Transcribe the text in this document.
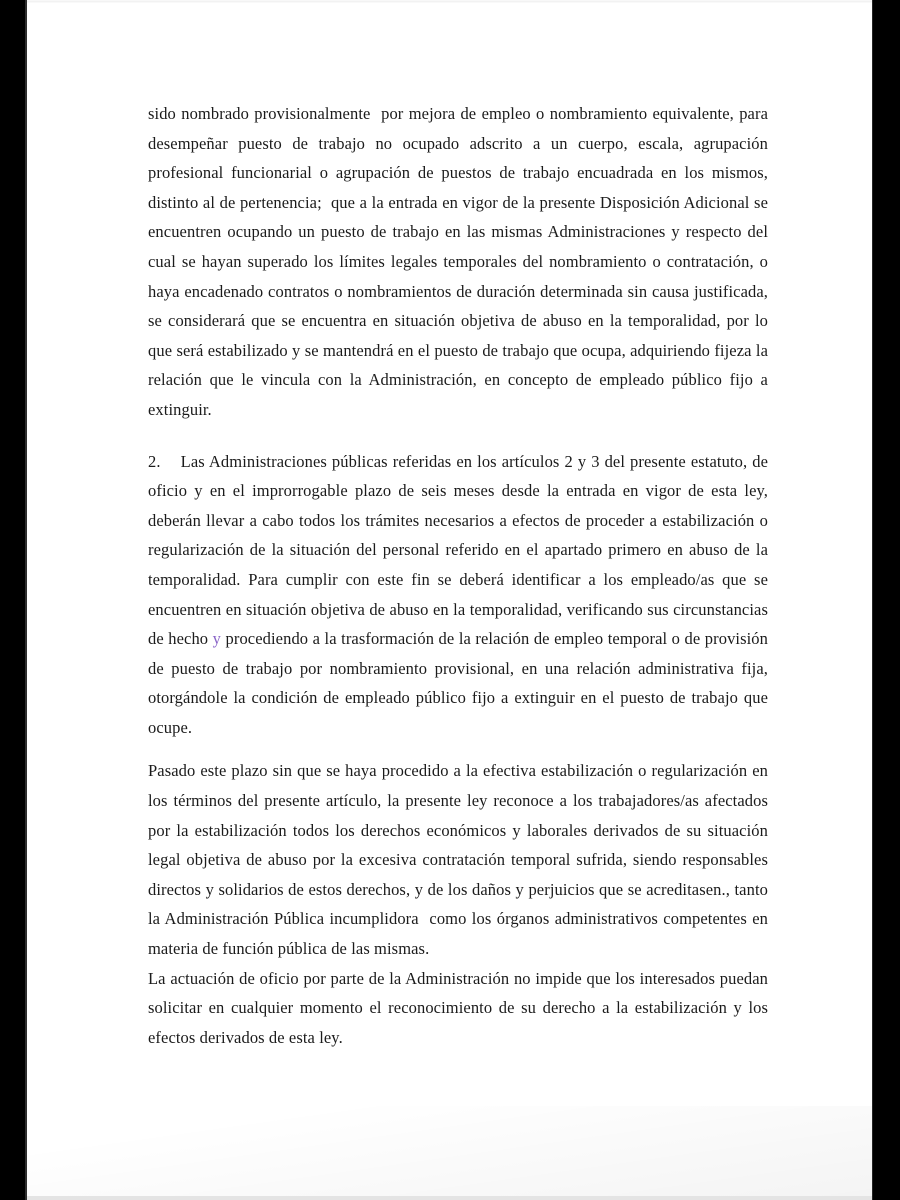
sido nombrado provisionalmente  por mejora de empleo o nombramiento equivalente, para desempeñar puesto de trabajo no ocupado adscrito a un cuerpo, escala, agrupación profesional funcionarial o agrupación de puestos de trabajo encuadrada en los mismos, distinto al de pertenencia;  que a la entrada en vigor de la presente Disposición Adicional se encuentren ocupando un puesto de trabajo en las mismas Administraciones y respecto del cual se hayan superado los límites legales temporales del nombramiento o contratación, o haya encadenado contratos o nombramientos de duración determinada sin causa justificada, se considerará que se encuentra en situación objetiva de abuso en la temporalidad, por lo que será estabilizado y se mantendrá en el puesto de trabajo que ocupa, adquiriendo fijeza la relación que le vincula con la Administración, en concepto de empleado público fijo a extinguir.

2.    Las Administraciones públicas referidas en los artículos 2 y 3 del presente estatuto, de oficio y en el improrrogable plazo de seis meses desde la entrada en vigor de esta ley, deberán llevar a cabo todos los trámites necesarios a efectos de proceder a estabilización o regularización de la situación del personal referido en el apartado primero en abuso de la temporalidad. Para cumplir con este fin se deberá identificar a los empleado/as que se encuentren en situación objetiva de abuso en la temporalidad, verificando sus circunstancias de hecho y procediendo a la trasformación de la relación de empleo temporal o de provisión de puesto de trabajo por nombramiento provisional, en una relación administrativa fija, otorgándole la condición de empleado público fijo a extinguir en el puesto de trabajo que ocupe.

Pasado este plazo sin que se haya procedido a la efectiva estabilización o regularización en los términos del presente artículo, la presente ley reconoce a los trabajadores/as afectados por la estabilización todos los derechos económicos y laborales derivados de su situación legal objetiva de abuso por la excesiva contratación temporal sufrida, siendo responsables directos y solidarios de estos derechos, y de los daños y perjuicios que se acreditasen., tanto la Administración Pública incumplidora  como los órganos administrativos competentes en materia de función pública de las mismas.

La actuación de oficio por parte de la Administración no impide que los interesados puedan solicitar en cualquier momento el reconocimiento de su derecho a la estabilización y los efectos derivados de esta ley.
